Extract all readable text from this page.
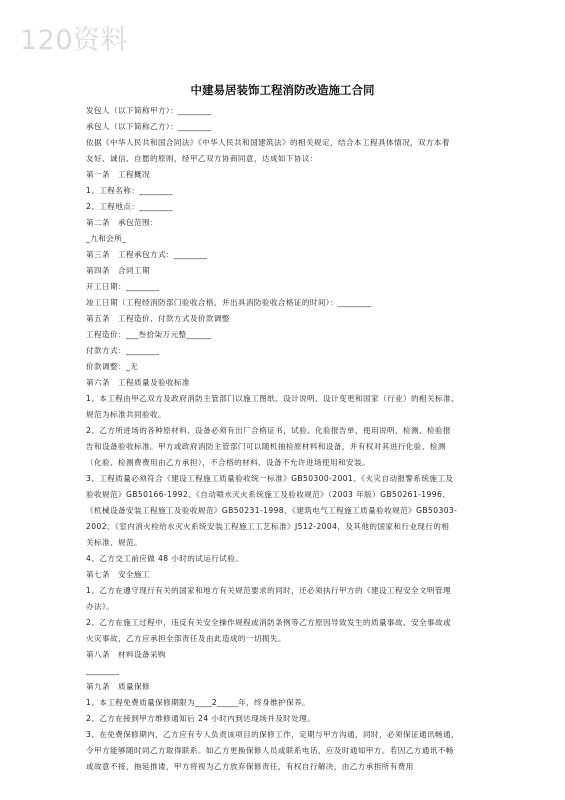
120资料
中建易居装饰工程消防改造施工合同

发包人（以下简称甲方）：________

承包人（以下简称乙方）：________

依据《中华人民共和国合同法》《中华人民共和国建筑法》的相关规定，结合本工程具体情况，双方本着

友好、诚信、自愿的原则，经甲乙双方协商同意，达成如下协议：

第一条　工程概况

1、工程名称：________

2、工程地点：________

第二条　承包范围：

_九和会所_

第三条　工程承包方式：________

第四条　合同工期

开工日期：________

竣工日期（工程经消防部门验收合格，并出具消防验收合格证的时间）：________

第五条　工程造价、付款方式及价款调整

工程造价：___叁拾柒万元整______

付款方式：________

价款调整：_无

第六条　工程质量及验收标准

1、本工程由甲乙双方及政府消防主管部门以施工图纸、设计说明、设计变更和国家（行业）的相关标准、

规范为标准共同验收。

2、乙方所进场的各种原材料、设备必须有出厂合格证书，试验、化验报告单，使用说明，检测、检验报

告和设备验收标准。甲方或政府消防主管部门可以随机抽检原材料和设备，并有权对其进行化验、检测

（化验、检测费费用由乙方承担），不合格的材料、设备不允许进场使用和安装。

3、工程质量必须符合《建设工程施工质量验收统一标准》GB50300-2001、《火灾自动报警系统施工及

验收规范》GB50166-1992、《自动喷水灭火系统施工及验收规范》（2003 年版）GB50261-1996、

《机械设备安装工程施工及验收规范》GB50231-1998、《建筑电气工程施工质量验收规范》GB50303-

2002、《室内消火栓给水灭火系统安装工程施工工艺标准》J512-2004，及其他的国家和行业现行的相

关标准、规范。

4、乙方交工前应做 48 小时的试运行试验。

第七条　安全施工

1、乙方在遵守现行有关的国家和地方有关规范要求的同时，还必须执行甲方的《建设工程安全文明管理

办法》。

2、乙方在施工过程中，违反有关安全操作规程或消防条例等乙方原因导致发生的质量事故、安全事故或

火灾事故，乙方应承担全部责任及由此造成的一切损失。

第八条　材料设备采购

________

第九条　质量保修

1、本工程免费质量保修期限为____2_____年，终身维护保养。

2、乙方在接到甲方维修通知后 24 小时内到达现场并及时处理。

3、在免费保修期内，乙方应有专人负责该项目的保修工作，定期与甲方沟通，同时，必须保证通讯畅通，

令甲方能够随时同乙方取得联系。如乙方更换保修人员或联系电话，应及时通知甲方。若因乙方通讯不畅

或故意不接，拖延推诿，甲方将视为乙方放弃保修责任，有权自行解决，由乙方承担所有费用
